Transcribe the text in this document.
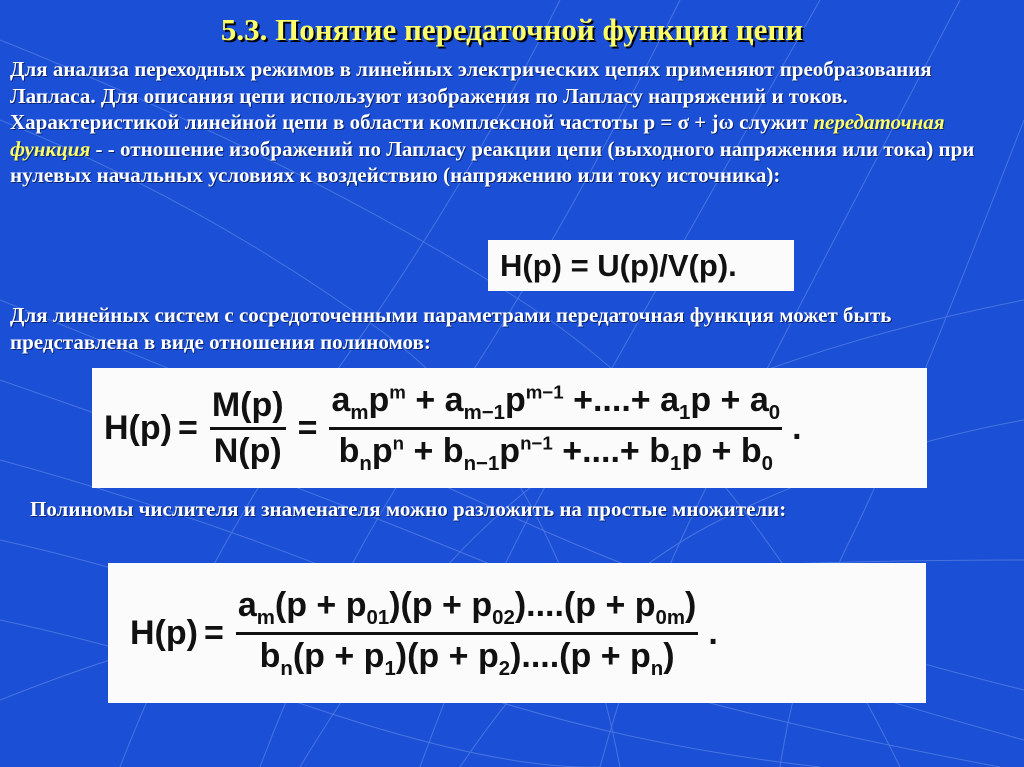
5.3. Понятие передаточной функции цепи

Для анализа переходных режимов в линейных электрических цепях применяют преобразования Лапласа. Для описания цепи используют изображения по Лапласу напряжений и токов. Характеристикой линейной цепи в области комплексной частоты p = σ + jω служит передаточная функция - - отношение изображений по Лапласу реакции цепи (выходного напряжения или тока) при нулевых начальных условиях к воздействию (напряжению или току источника):

H(p) = U(p)/V(p).

Для линейных систем с сосредоточенными параметрами передаточная функция может быть представлена в виде отношения полиномов:

$H(p) = \frac{M(p)}{N(p)} = \frac{a_mp^m + a_{m-1}p^{m-1} +....+ a_1p + a_0}{b_np^n + b_{n-1}p^{n-1} +....+ b_1p + b_0}$ .

Полиномы числителя и знаменателя можно разложить на простые множители:

$H(p) = \frac{a_m(p + p_{01})(p + p_{02})....(p + p_{0m})}{b_n(p + p_1)(p + p_2)....(p + p_n)}$ .
